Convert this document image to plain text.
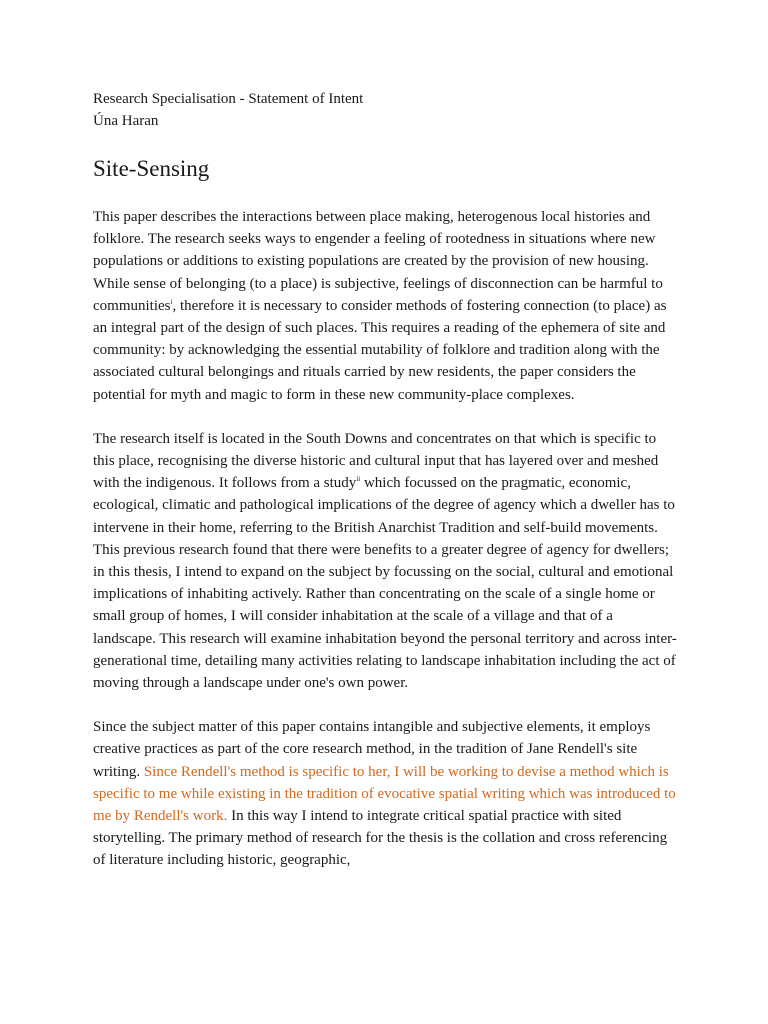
Research Specialisation - Statement of Intent

Úna Haran

Site-Sensing

This paper describes the interactions between place making, heterogenous local histories and folklore. The research seeks ways to engender a feeling of rootedness in situations where new populations or additions to existing populations are created by the provision of new housing. While sense of belonging (to a place) is subjective, feelings of disconnection can be harmful to communities$^i$, therefore it is necessary to consider methods of fostering connection (to place) as an integral part of the design of such places. This requires a reading of the ephemera of site and community: by acknowledging the essential mutability of folklore and tradition along with the associated cultural belongings and rituals carried by new residents, the paper considers the potential for myth and magic to form in these new community-place complexes.

The research itself is located in the South Downs and concentrates on that which is specific to this place, recognising the diverse historic and cultural input that has layered over and meshed with the indigenous. It follows from a study$^{ii}$ which focussed on the pragmatic, economic, ecological, climatic and pathological implications of the degree of agency which a dweller has to intervene in their home, referring to the British Anarchist Tradition and self-build movements. This previous research found that there were benefits to a greater degree of agency for dwellers; in this thesis, I intend to expand on the subject by focussing on the social, cultural and emotional implications of inhabiting actively. Rather than concentrating on the scale of a single home or small group of homes, I will consider inhabitation at the scale of a village and that of a landscape. This research will examine inhabitation beyond the personal territory and across inter-generational time, detailing many activities relating to landscape inhabitation including the act of moving through a landscape under one's own power.

Since the subject matter of this paper contains intangible and subjective elements, it employs creative practices as part of the core research method, in the tradition of Jane Rendell's site writing. Since Rendell's method is specific to her, I will be working to devise a method which is specific to me while existing in the tradition of evocative spatial writing which was introduced to me by Rendell's work. In this way I intend to integrate critical spatial practice with sited storytelling. The primary method of research for the thesis is the collation and cross referencing of literature including historic, geographic,
